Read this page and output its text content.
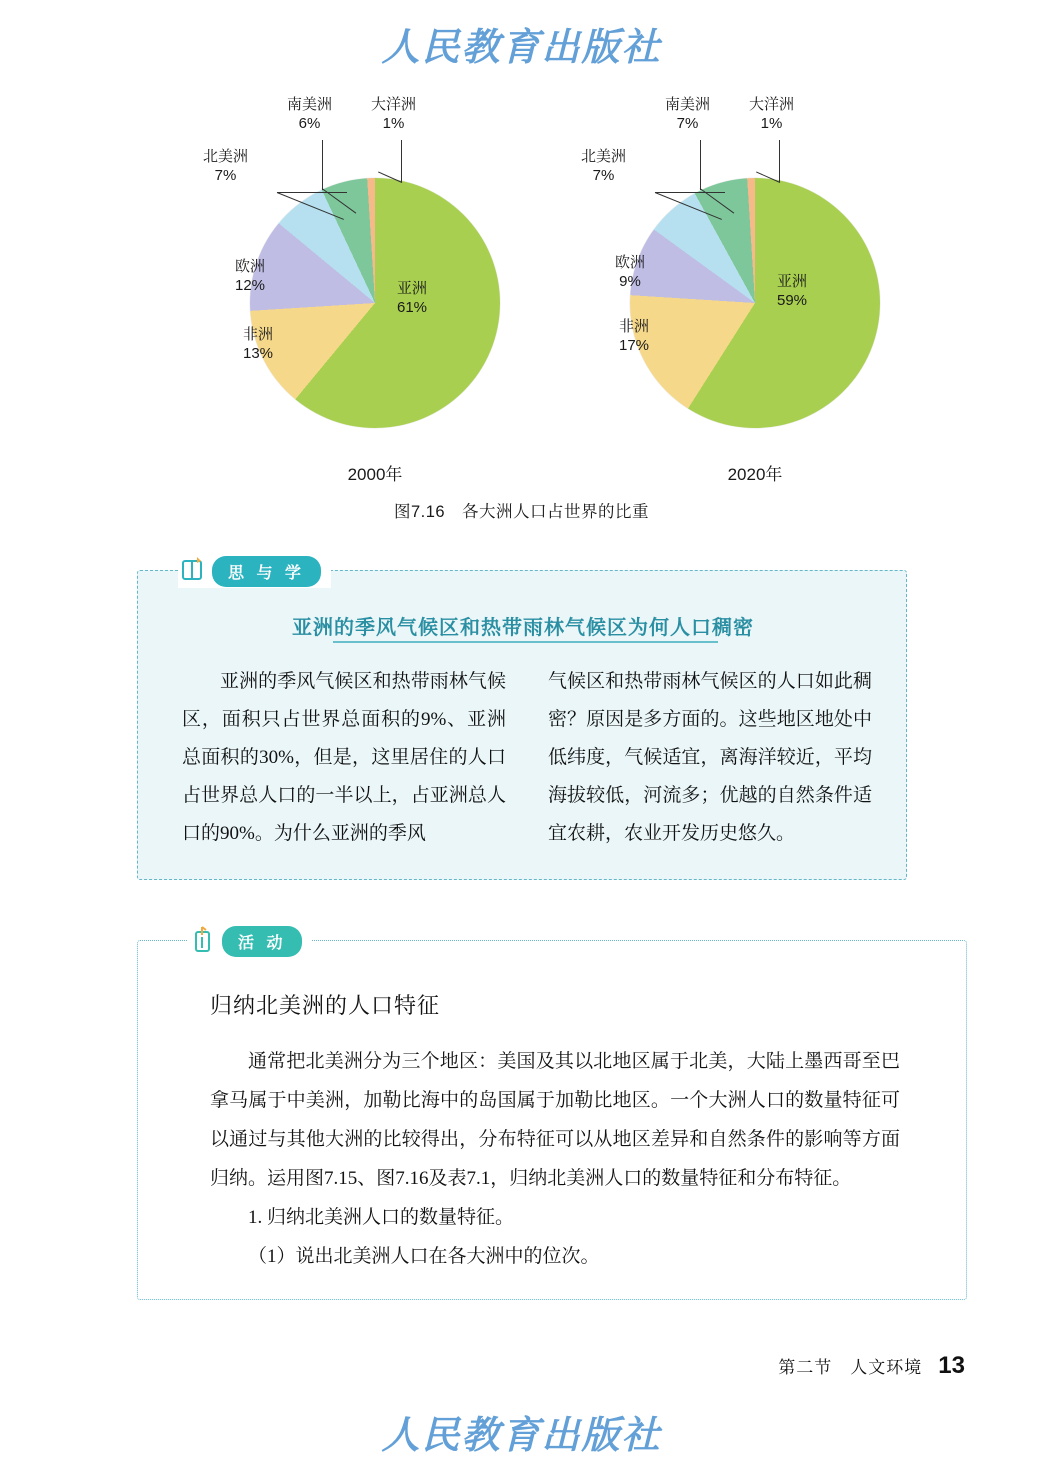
人民教育出版社
亚洲
61%
非洲
13%
欧洲
12%
北美洲
7%
南美洲
6%
大洋洲
1%
2000年
亚洲
59%
非洲
17%
欧洲
9%
北美洲
7%
南美洲
7%
大洋洲
1%
2020年
图7.16　各大洲人口占世界的比重
思 与 学
亚洲的季风气候区和热带雨林气候区为何人口稠密

亚洲的季风气候区和热带雨林气候区，面积只占世界总面积的9%、亚洲总面积的30%，但是，这里居住的人口占世界总人口的一半以上，占亚洲总人口的90%。为什么亚洲的季风

气候区和热带雨林气候区的人口如此稠密？原因是多方面的。这些地区地处中低纬度，气候适宜，离海洋较近，平均海拔较低，河流多；优越的自然条件适宜农耕，农业开发历史悠久。

活 动
归纳北美洲的人口特征

通常把北美洲分为三个地区：美国及其以北地区属于北美，大陆上墨西哥至巴拿马属于中美洲，加勒比海中的岛国属于加勒比地区。一个大洲人口的数量特征可以通过与其他大洲的比较得出，分布特征可以从地区差异和自然条件的影响等方面归纳。运用图7.15、图7.16及表7.1，归纳北美洲人口的数量特征和分布特征。

1. 归纳北美洲人口的数量特征。

（1）说出北美洲人口在各大洲中的位次。

第二节　人文环境 13
人民教育出版社
